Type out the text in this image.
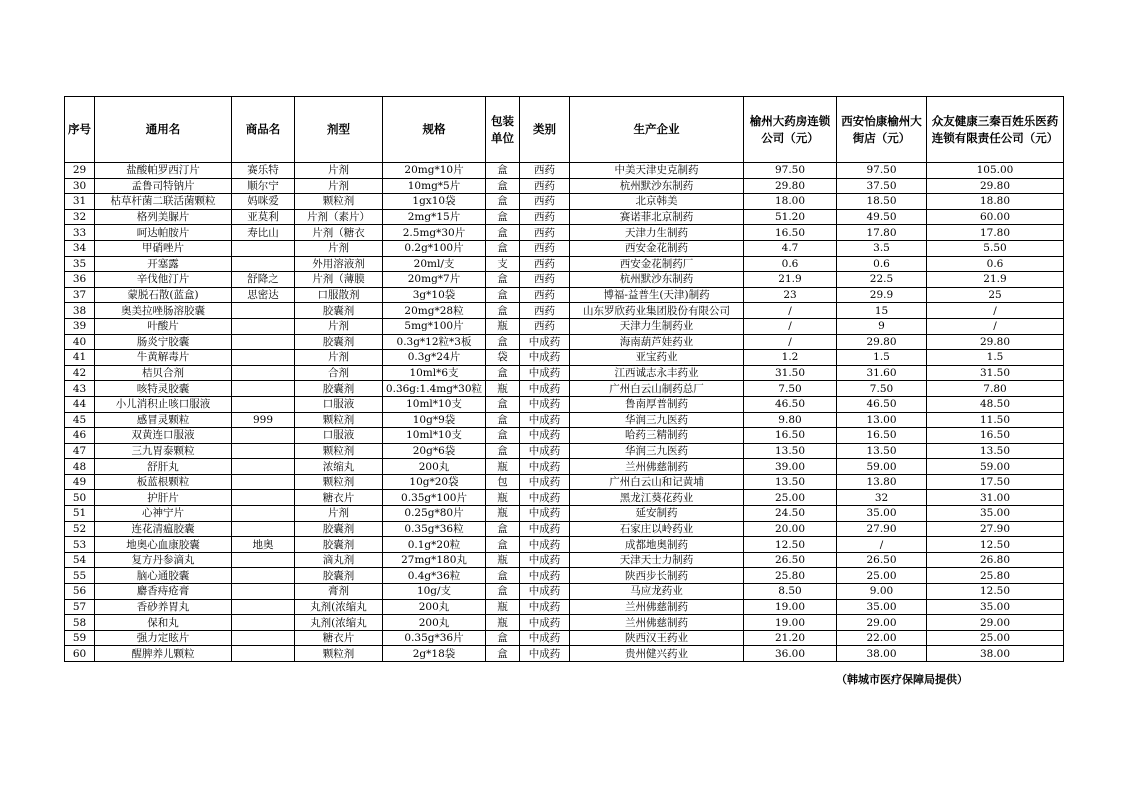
序号	通用名	商品名	剂型	规格	包装单位	类别	生产企业	榆州大药房连锁公司（元）	西安怡康榆州大街店（元）	众友健康三秦百姓乐医药连锁有限责任公司（元）
29	盐酸帕罗西汀片	赛乐特	片剂	20mg*10片	盒	西药	中美天津史克制药	97.50	97.50	105.00
30	孟鲁司特钠片	顺尔宁	片剂	10mg*5片	盒	西药	杭州默沙东制药	29.80	37.50	29.80
31	枯草杆菌二联活菌颗粒	妈咪爱	颗粒剂	1gx10袋	盒	西药	北京韩美	18.00	18.50	18.80
32	格列美脲片	亚莫利	片剂（素片）	2mg*15片	盒	西药	赛诺菲北京制药	51.20	49.50	60.00
33	呵达帕胺片	寿比山	片剂（糖衣	2.5mg*30片	盒	西药	天津力生制药	16.50	17.80	17.80
34	甲硝唑片		片剂	0.2g*100片	盒	西药	西安金花制药	4.7	3.5	5.50
35	开塞露		外用溶液剂	20ml/支	支	西药	西安金花制药厂	0.6	0.6	0.6
36	辛伐他汀片	舒降之	片剂（薄膜	20mg*7片	盒	西药	杭州默沙东制药	21.9	22.5	21.9
37	蒙脱石散(蓝盒)	思密达	口服散剂	3g*10袋	盒	西药	博福-益普生(天津)制药	23	29.9	25
38	奥美拉唑肠溶胶囊		胶囊剂	20mg*28粒	盒	西药	山东罗欣药业集团股份有限公司	/	15	/
39	叶酸片		片剂	5mg*100片	瓶	西药	天津力生制药业	/	9	/
40	肠炎宁胶囊		胶囊剂	0.3g*12粒*3板	盒	中成药	海南葫芦娃药业	/	29.80	29.80
41	牛黄解毒片		片剂	0.3g*24片	袋	中成药	亚宝药业	1.2	1.5	1.5
42	桔贝合剂		合剂	10ml*6支	盒	中成药	江西诚志永丰药业	31.50	31.60	31.50
43	咳特灵胶囊		胶囊剂	0.36g:1.4mg*30粒	瓶	中成药	广州白云山制药总厂	7.50	7.50	7.80
44	小儿消积止咳口服液		口服液	10ml*10支	盒	中成药	鲁南厚普制药	46.50	46.50	48.50
45	感冒灵颗粒	999	颗粒剂	10g*9袋	盒	中成药	华润三九医药	9.80	13.00	11.50
46	双黄连口服液		口服液	10ml*10支	盒	中成药	哈药三精制药	16.50	16.50	16.50
47	三九胃泰颗粒		颗粒剂	20g*6袋	盒	中成药	华润三九医药	13.50	13.50	13.50
48	舒肝丸		浓缩丸	200丸	瓶	中成药	兰州佛慈制药	39.00	59.00	59.00
49	板蓝根颗粒		颗粒剂	10g*20袋	包	中成药	广州白云山和记黄埔	13.50	13.80	17.50
50	护肝片		糖衣片	0.35g*100片	瓶	中成药	黑龙江葵花药业	25.00	32	31.00
51	心神宁片		片剂	0.25g*80片	瓶	中成药	延安制药	24.50	35.00	35.00
52	连花清瘟胶囊		胶囊剂	0.35g*36粒	盒	中成药	石家庄以岭药业	20.00	27.90	27.90
53	地奥心血康胶囊	地奥	胶囊剂	0.1g*20粒	盒	中成药	成都地奥制药	12.50	/	12.50
54	复方丹参滴丸		滴丸剂	27mg*180丸	瓶	中成药	天津天士力制药	26.50	26.50	26.80
55	脑心通胶囊		胶囊剂	0.4g*36粒	盒	中成药	陕西步长制药	25.80	25.00	25.80
56	麝香痔疮膏		膏剂	10g/支	盒	中成药	马应龙药业	8.50	9.00	12.50
57	香砂养胃丸		丸剂(浓缩丸	200丸	瓶	中成药	兰州佛慈制药	19.00	35.00	35.00
58	保和丸		丸剂(浓缩丸	200丸	瓶	中成药	兰州佛慈制药	19.00	29.00	29.00
59	强力定眩片		糖衣片	0.35g*36片	盒	中成药	陕西汉王药业	21.20	22.00	25.00
60	醒脾养儿颗粒		颗粒剂	2g*18袋	盒	中成药	贵州健兴药业	36.00	38.00	38.00
（韩城市医疗保障局提供）
